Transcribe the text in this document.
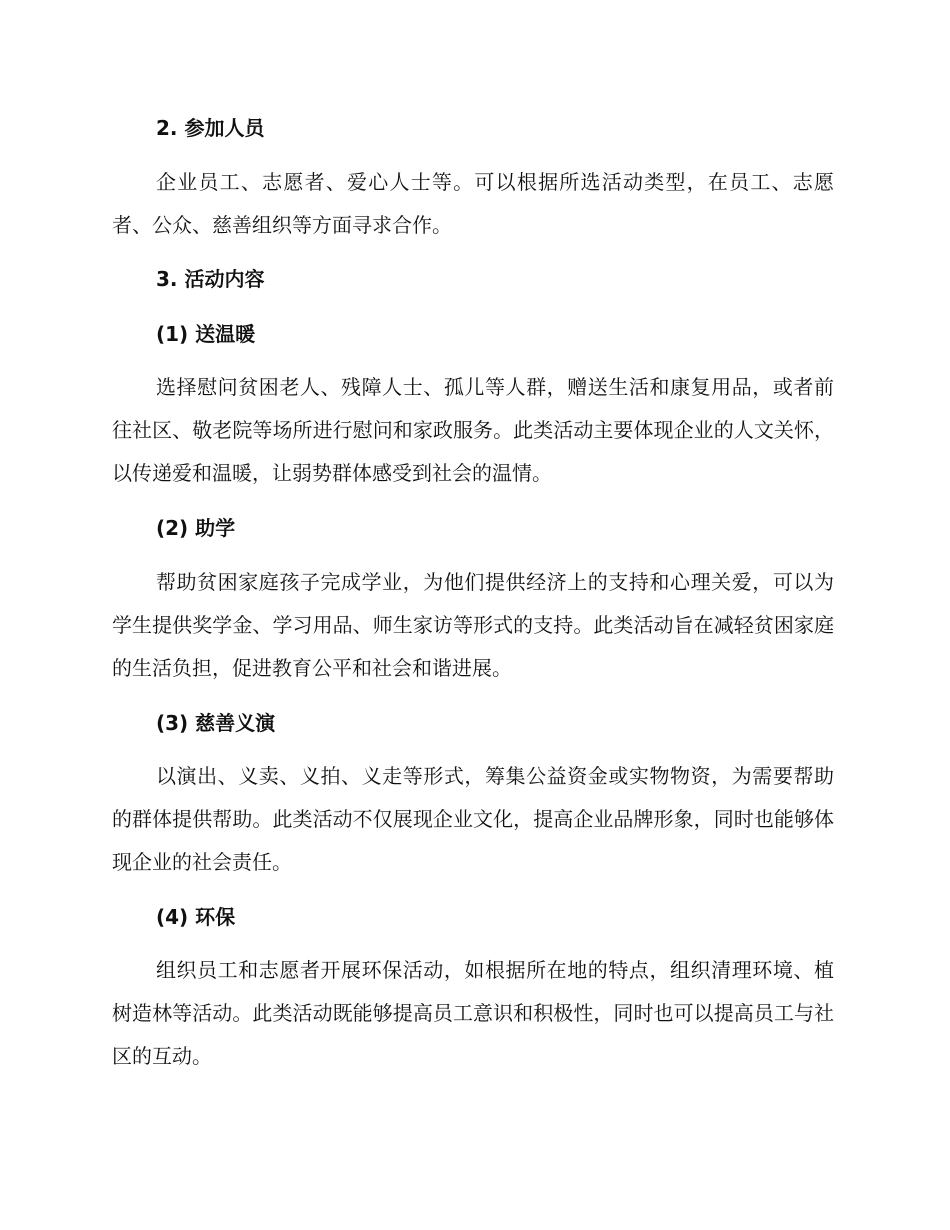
2. 参加人员

企业员工、志愿者、爱心人士等。可以根据所选活动类型，在员工、志愿者、公众、慈善组织等方面寻求合作。

3. 活动内容
(1) 送温暖

选择慰问贫困老人、残障人士、孤儿等人群，赠送生活和康复用品，或者前往社区、敬老院等场所进行慰问和家政服务。此类活动主要体现企业的人文关怀，以传递爱和温暖，让弱势群体感受到社会的温情。

(2) 助学

帮助贫困家庭孩子完成学业，为他们提供经济上的支持和心理关爱，可以为学生提供奖学金、学习用品、师生家访等形式的支持。此类活动旨在减轻贫困家庭的生活负担，促进教育公平和社会和谐进展。

(3) 慈善义演

以演出、义卖、义拍、义走等形式，筹集公益资金或实物物资，为需要帮助的群体提供帮助。此类活动不仅展现企业文化，提高企业品牌形象，同时也能够体现企业的社会责任。

(4) 环保

组织员工和志愿者开展环保活动，如根据所在地的特点，组织清理环境、植树造林等活动。此类活动既能够提高员工意识和积极性，同时也可以提高员工与社区的互动。
